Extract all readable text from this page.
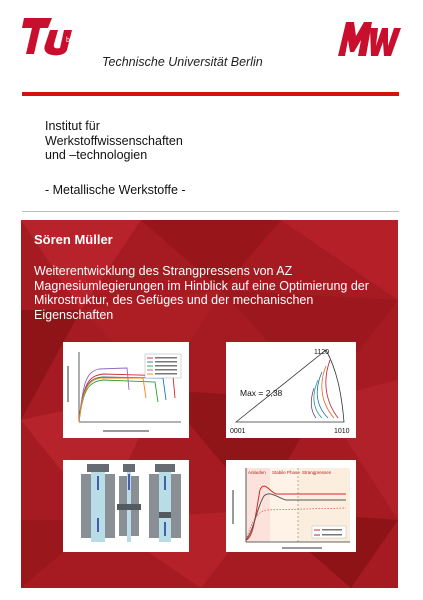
berlin
Technische Universität Berlin
Institut für
Werkstoffwissenschaften
und –technologien
- Metallische Werkstoffe -
Sören Müller
Weiterentwicklung des Strangpressens von AZ Magnesiumlegierungen im Hinblick auf eine Optimierung der Mikrostruktur, des Gefüges und der mechanischen Eigenschaften
Max = 2,38
1120
0001	1010
Anlaufen Stabile Phase Strangpressen
